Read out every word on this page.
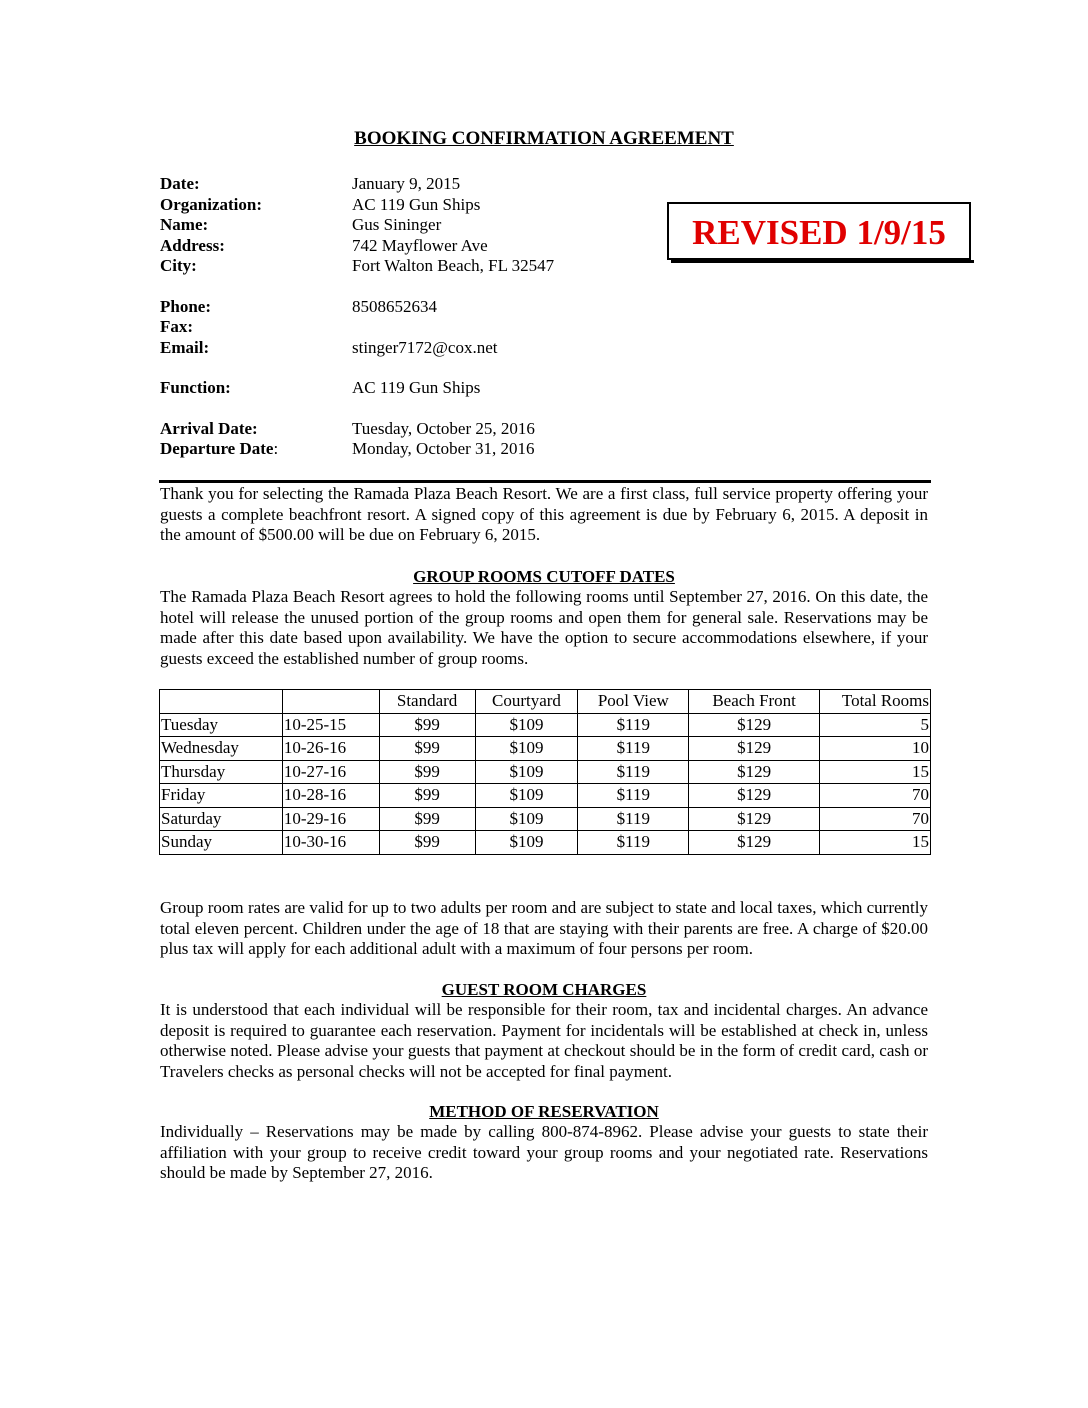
BOOKING CONFIRMATION AGREEMENT
Date:	January 9, 2015
Organization:	AC 119 Gun Ships
Name:	Gus Sininger
Address:	742 Mayflower Ave
City:	Fort Walton Beach, FL 32547
Phone:	8508652634
Fax:
Email:	stinger7172@cox.net
Function:	AC 119 Gun Ships
Arrival Date:	Tuesday, October 25, 2016
Departure Date:	Monday, October 31, 2016
REVISED 1/9/15

Thank you for selecting the Ramada Plaza Beach Resort. We are a first class, full service property offering your guests a complete beachfront resort. A signed copy of this agreement is due by February 6, 2015. A deposit in the amount of $500.00 will be due on February 6, 2015.

GROUP ROOMS CUTOFF DATES

The Ramada Plaza Beach Resort agrees to hold the following rooms until September 27, 2016. On this date, the hotel will release the unused portion of the group rooms and open them for general sale. Reservations may be made after this date based upon availability. We have the option to secure accommodations elsewhere, if your guests exceed the established number of group rooms.

		Standard	Courtyard	Pool View	Beach Front	Total Rooms
Tuesday	10-25-15	$99	$109	$119	$129	5
Wednesday	10-26-16	$99	$109	$119	$129	10
Thursday	10-27-16	$99	$109	$119	$129	15
Friday	10-28-16	$99	$109	$119	$129	70
Saturday	10-29-16	$99	$109	$119	$129	70
Sunday	10-30-16	$99	$109	$119	$129	15

Group room rates are valid for up to two adults per room and are subject to state and local taxes, which currently total eleven percent. Children under the age of 18 that are staying with their parents are free. A charge of $20.00 plus tax will apply for each additional adult with a maximum of four persons per room.

GUEST ROOM CHARGES

It is understood that each individual will be responsible for their room, tax and incidental charges. An advance deposit is required to guarantee each reservation. Payment for incidentals will be established at check in, unless otherwise noted. Please advise your guests that payment at checkout should be in the form of credit card, cash or Travelers checks as personal checks will not be accepted for final payment.

METHOD OF RESERVATION

Individually – Reservations may be made by calling 800-874-8962. Please advise your guests to state their affiliation with your group to receive credit toward your group rooms and your negotiated rate. Reservations should be made by September 27, 2016.
